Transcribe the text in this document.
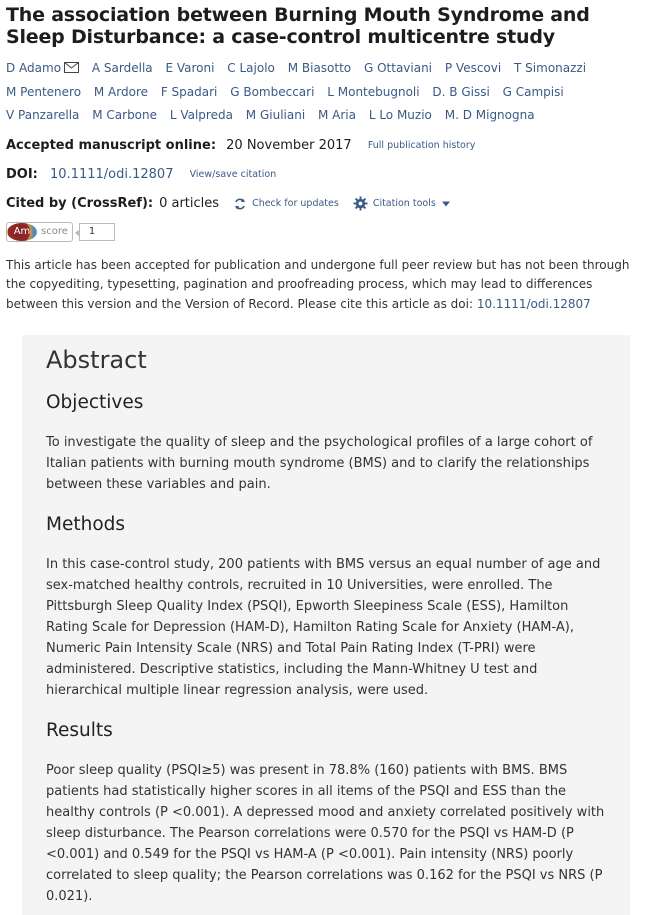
The association between Burning Mouth Syndrome and Sleep Disturbance: a case-control multicentre study
D Adamo	A Sardella E Varoni C Lajolo M Biasotto G Ottaviani P Vescovi T Simonazzi M Pentenero M Ardore F Spadari G Bombeccari L Montebugnoli D. B Gissi G Campisi V Panzarella M Carbone L Valpreda M Giuliani M Aria L Lo Muzio M. D Mignogna
Accepted manuscript online: 20 November 2017 Full publication history
DOI: 10.1111/odi.12807 View/save citation
Cited by (CrossRef): 0 articles	Check for updates	Citation tools
Am	score	1
This article has been accepted for publication and undergone full peer review but has not been through the copyediting, typesetting, pagination and proofreading process, which may lead to differences between this version and the Version of Record. Please cite this article as doi: 10.1111/odi.12807
Abstract
Objectives

To investigate the quality of sleep and the psychological profiles of a large cohort of Italian patients with burning mouth syndrome (BMS) and to clarify the relationships between these variables and pain.

Methods

In this case-control study, 200 patients with BMS versus an equal number of age and sex-matched healthy controls, recruited in 10 Universities, were enrolled. The Pittsburgh Sleep Quality Index (PSQI), Epworth Sleepiness Scale (ESS), Hamilton Rating Scale for Depression (HAM-D), Hamilton Rating Scale for Anxiety (HAM-A), Numeric Pain Intensity Scale (NRS) and Total Pain Rating Index (T-PRI) were administered. Descriptive statistics, including the Mann-Whitney U test and hierarchical multiple linear regression analysis, were used.

Results

Poor sleep quality (PSQI≥5) was present in 78.8% (160) patients with BMS. BMS patients had statistically higher scores in all items of the PSQI and ESS than the healthy controls (P <0.001). A depressed mood and anxiety correlated positively with sleep disturbance. The Pearson correlations were 0.570 for the PSQI vs HAM-D (P <0.001) and 0.549 for the PSQI vs HAM-A (P <0.001). Pain intensity (NRS) poorly correlated to sleep quality; the Pearson correlations was 0.162 for the PSQI vs NRS (P 0.021).
